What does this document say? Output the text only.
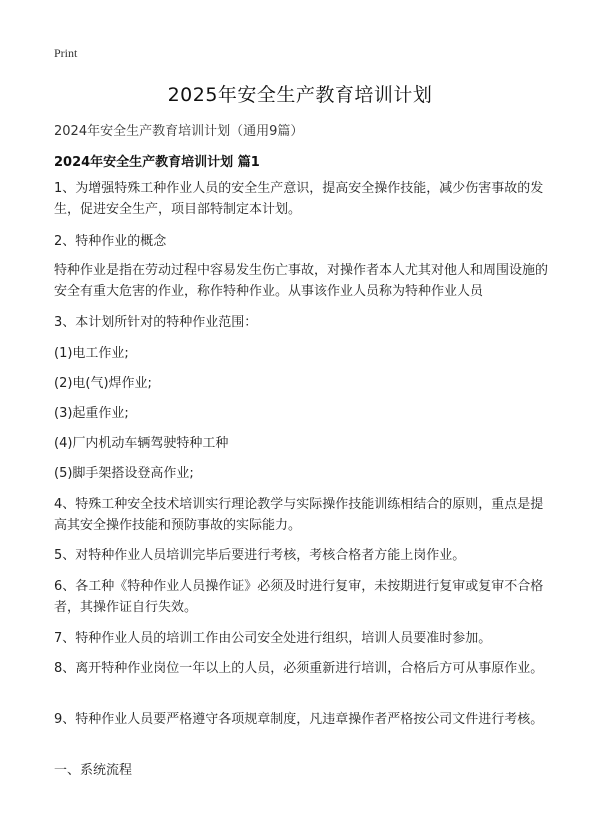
Print
2025年安全生产教育培训计划
2024年安全生产教育培训计划（通用9篇）
2024年安全生产教育培训计划 篇1

1、为增强特殊工种作业人员的安全生产意识，提高安全操作技能，减少伤害事故的发生，促进安全生产，项目部特制定本计划。

2、特种作业的概念

特种作业是指在劳动过程中容易发生伤亡事故，对操作者本人尤其对他人和周围设施的安全有重大危害的作业，称作特种作业。从事该作业人员称为特种作业人员

3、本计划所针对的特种作业范围：

(1)电工作业;

(2)电(气)焊作业;

(3)起重作业;

(4)厂内机动车辆驾驶特种工种

(5)脚手架搭设登高作业;

4、特殊工种安全技术培训实行理论教学与实际操作技能训练相结合的原则，重点是提高其安全操作技能和预防事故的实际能力。

5、对特种作业人员培训完毕后要进行考核，考核合格者方能上岗作业。

6、各工种《特种作业人员操作证》必须及时进行复审，未按期进行复审或复审不合格者，其操作证自行失效。

7、特种作业人员的培训工作由公司安全处进行组织，培训人员要准时参加。

8、离开特种作业岗位一年以上的人员，必须重新进行培训，合格后方可从事原作业。

9、特种作业人员要严格遵守各项规章制度，凡违章操作者严格按公司文件进行考核。

一、系统流程
